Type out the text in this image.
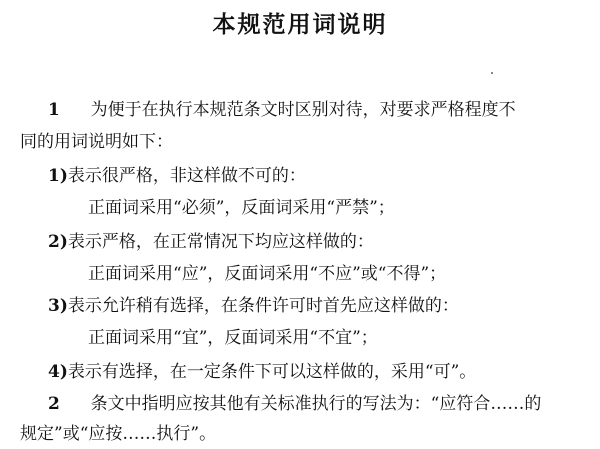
本规范用词说明
1 为便于在执行本规范条文时区别对待，对要求严格程度不
同的用词说明如下：
1)表示很严格，非这样做不可的：
正面词采用“必须”，反面词采用“严禁”；
2)表示严格，在正常情况下均应这样做的：
正面词采用“应”，反面词采用“不应”或“不得”；
3)表示允许稍有选择，在条件许可时首先应这样做的：
正面词采用“宜”，反面词采用“不宜”；
4)表示有选择，在一定条件下可以这样做的，采用“可”。
2 条文中指明应按其他有关标准执行的写法为：“应符合……的
规定”或“应按……执行”。
